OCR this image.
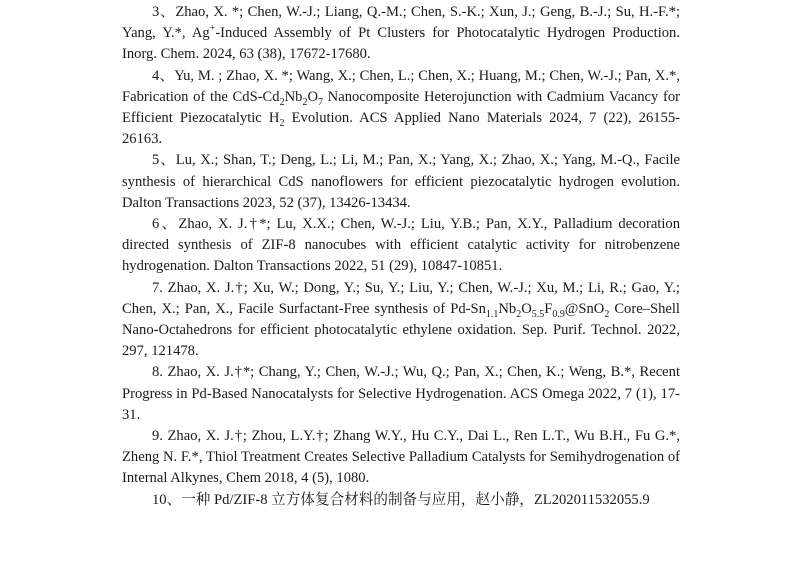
3、Zhao, X. *; Chen, W.-J.; Liang, Q.-M.; Chen, S.-K.; Xun, J.; Geng, B.-J.; Su, H.-F.*; Yang, Y.*, Ag+-Induced Assembly of Pt Clusters for Photocatalytic Hydrogen Production. Inorg. Chem. 2024, 63 (38), 17672-17680.

4、Yu, M. ; Zhao, X. *; Wang, X.; Chen, L.; Chen, X.; Huang, M.; Chen, W.-J.; Pan, X.*, Fabrication of the CdS-$Cd_2Nb_2O_7$ Nanocomposite Heterojunction with Cadmium Vacancy for Efficient Piezocatalytic $H_2$ Evolution. ACS Applied Nano Materials 2024, 7 (22), 26155-26163.

5、Lu, X.; Shan, T.; Deng, L.; Li, M.; Pan, X.; Yang, X.; Zhao, X.; Yang, M.-Q., Facile synthesis of hierarchical CdS nanoflowers for efficient piezocatalytic hydrogen evolution. Dalton Transactions 2023, 52 (37), 13426-13434.

6、Zhao, X. J.†*; Lu, X.X.; Chen, W.-J.; Liu, Y.B.; Pan, X.Y., Palladium decoration directed synthesis of ZIF-8 nanocubes with efficient catalytic activity for nitrobenzene hydrogenation. Dalton Transactions 2022, 51 (29), 10847-10851.

7. Zhao, X. J.†; Xu, W.; Dong, Y.; Su, Y.; Liu, Y.; Chen, W.-J.; Xu, M.; Li, R.; Gao, Y.; Chen, X.; Pan, X., Facile Surfactant-Free synthesis of $Pd-Sn_{1.1}Nb_2O_{5.5}F_{0.9}@SnO_2$ Core–Shell Nano-Octahedrons for efficient photocatalytic ethylene oxidation. Sep. Purif. Technol. 2022, 297, 121478.

8. Zhao, X. J.†*; Chang, Y.; Chen, W.-J.; Wu, Q.; Pan, X.; Chen, K.; Weng, B.*, Recent Progress in Pd-Based Nanocatalysts for Selective Hydrogenation. ACS Omega 2022, 7 (1), 17-31.

9. Zhao, X. J.†; Zhou, L.Y.†; Zhang W.Y., Hu C.Y., Dai L., Ren L.T., Wu B.H., Fu G.*, Zheng N. F.*, Thiol Treatment Creates Selective Palladium Catalysts for Semihydrogenation of Internal Alkynes, Chem 2018, 4 (5), 1080.

10、一种 Pd/ZIF-8 立方体复合材料的制备与应用，赵小静，ZL202011532055.9
